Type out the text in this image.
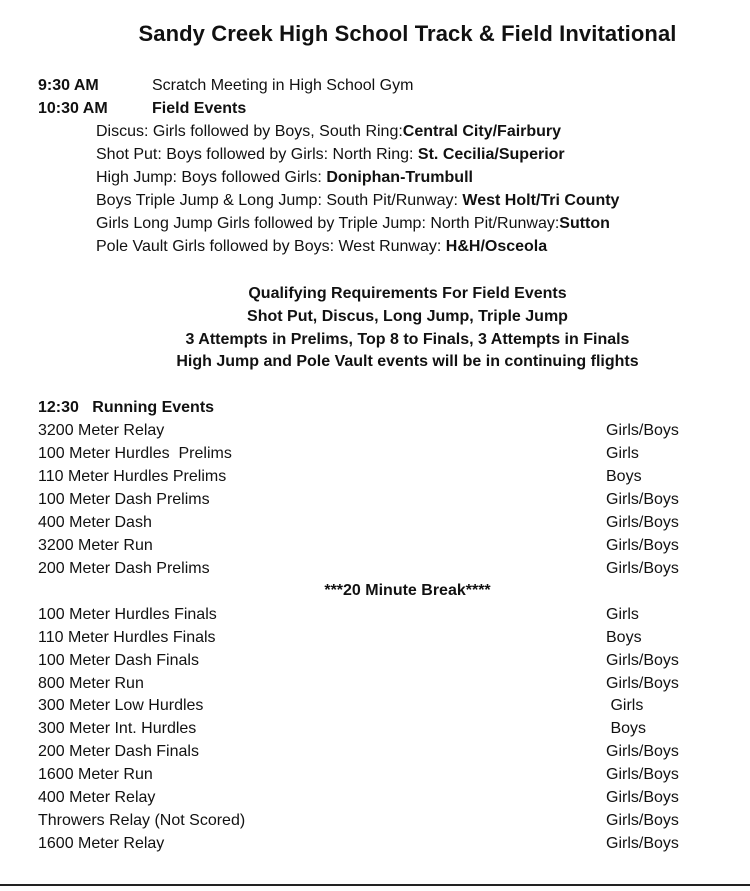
Sandy Creek High School Track & Field Invitational
9:30 AM	Scratch Meeting in High School Gym
10:30 AM	Field Events
Discus: Girls followed by Boys, South Ring:Central City/Fairbury
Shot Put: Boys followed by Girls: North Ring: St. Cecilia/Superior
High Jump: Boys followed Girls: Doniphan-Trumbull
Boys Triple Jump & Long Jump: South Pit/Runway: West Holt/Tri County
Girls Long Jump Girls followed by Triple Jump: North Pit/Runway:Sutton
Pole Vault Girls followed by Boys: West Runway: H&H/Osceola
Qualifying Requirements For Field Events
Shot Put, Discus, Long Jump, Triple Jump
3 Attempts in Prelims, Top 8 to Finals, 3 Attempts in Finals
High Jump and Pole Vault events will be in continuing flights
12:30   Running Events
3200 Meter Relay	Girls/Boys
100 Meter Hurdles  Prelims	Girls
110 Meter Hurdles Prelims	Boys
100 Meter Dash Prelims	Girls/Boys
400 Meter Dash	Girls/Boys
3200 Meter Run	Girls/Boys
200 Meter Dash Prelims	Girls/Boys
***20 Minute Break****
100 Meter Hurdles Finals	Girls
110 Meter Hurdles Finals	Boys
100 Meter Dash Finals	Girls/Boys
800 Meter Run	Girls/Boys
300 Meter Low Hurdles	Girls
300 Meter Int. Hurdles	Boys
200 Meter Dash Finals	Girls/Boys
1600 Meter Run	Girls/Boys
400 Meter Relay	Girls/Boys
Throwers Relay (Not Scored)	Girls/Boys
1600 Meter Relay	Girls/Boys
